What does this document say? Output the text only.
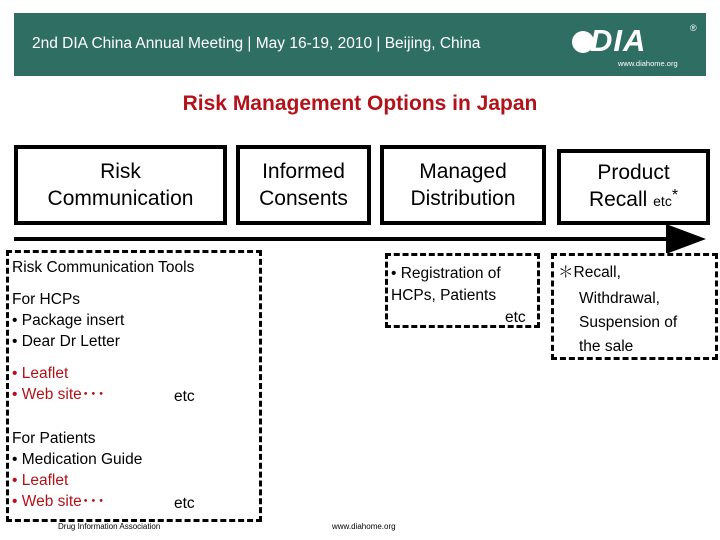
2nd DIA China Annual Meeting | May 16-19, 2010 | Beijing, China	DIA	®
www.diahome.org
Risk Management Options in Japan
Risk
Communication
Informed
Consents
Managed
Distribution
Product
Recall etc*
Risk Communication Tools
For HCPs
• Package insert
• Dear Dr Letter
• Leaflet
• Web site･･･	etc
For Patients
• Medication Guide
• Leaflet
• Web site･･･	etc
• Registration of
HCPs, Patients
etc
＊Recall,
Withdrawal,
Suspension of
the sale
Drug Information Association	www.diahome.org
